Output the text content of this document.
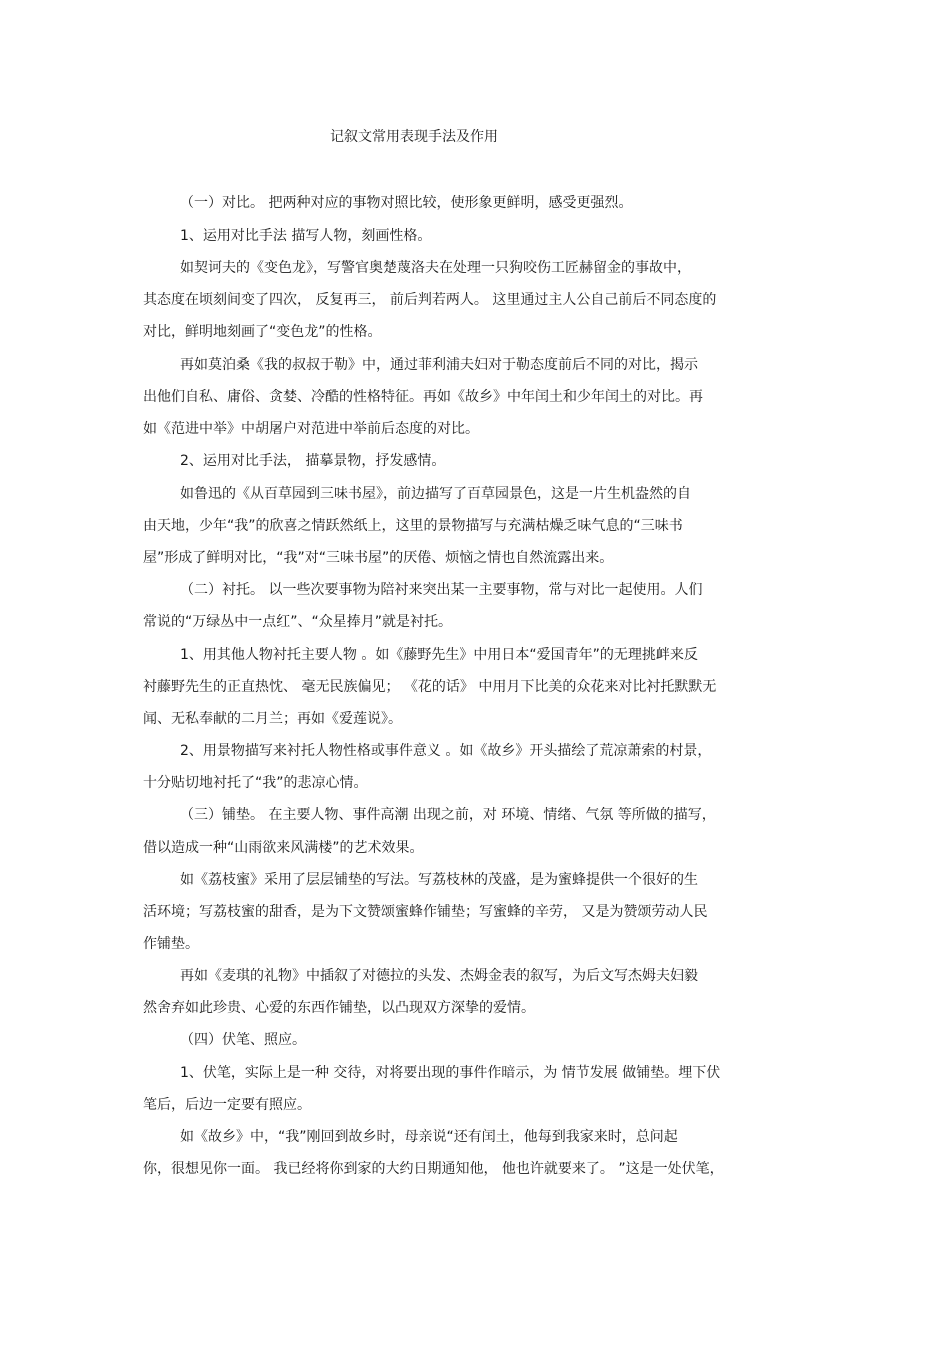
记叙文常用表现手法及作用
（一）对比。 把两种对应的事物对照比较，使形象更鲜明，感受更强烈。
1、运用对比手法 描写人物，刻画性格。
如契诃夫的《变色龙》，写警官奥楚蔑洛夫在处理一只狗咬伤工匠赫留金的事故中，
其态度在顷刻间变了四次， 反复再三， 前后判若两人。 这里通过主人公自己前后不同态度的
对比，鲜明地刻画了“变色龙”的性格。
再如莫泊桑《我的叔叔于勒》中，通过菲利浦夫妇对于勒态度前后不同的对比，揭示
出他们自私、庸俗、贪婪、冷酷的性格特征。再如《故乡》中年闰土和少年闰土的对比。再
如《范进中举》中胡屠户对范进中举前后态度的对比。
2、运用对比手法， 描摹景物，抒发感情。
如鲁迅的《从百草园到三味书屋》，前边描写了百草园景色，这是一片生机盎然的自
由天地，少年“我”的欣喜之情跃然纸上，这里的景物描写与充满枯燥乏味气息的“三味书
屋”形成了鲜明对比，“我”对“三味书屋”的厌倦、烦恼之情也自然流露出来。
（二）衬托。 以一些次要事物为陪衬来突出某一主要事物，常与对比一起使用。人们
常说的“万绿丛中一点红”、“众星捧月”就是衬托。
1、用其他人物衬托主要人物 。如《藤野先生》中用日本“爱国青年”的无理挑衅来反
衬藤野先生的正直热忱、 毫无民族偏见； 《花的话》 中用月下比美的众花来对比衬托默默无
闻、无私奉献的二月兰；再如《爱莲说》。
2、用景物描写来衬托人物性格或事件意义 。如《故乡》开头描绘了荒凉萧索的村景，
十分贴切地衬托了“我”的悲凉心情。
（三）铺垫。 在主要人物、事件高潮 出现之前，对 环境、情绪、气氛 等所做的描写，
借以造成一种“山雨欲来风满楼”的艺术效果。
如《荔枝蜜》采用了层层铺垫的写法。写荔枝林的茂盛，是为蜜蜂提供一个很好的生
活环境；写荔枝蜜的甜香，是为下文赞颂蜜蜂作铺垫；写蜜蜂的辛劳， 又是为赞颂劳动人民
作铺垫。
再如《麦琪的礼物》中插叙了对德拉的头发、杰姆金表的叙写，为后文写杰姆夫妇毅
然舍弃如此珍贵、心爱的东西作铺垫，以凸现双方深挚的爱情。
（四）伏笔、照应。
1、伏笔，实际上是一种 交待，对将要出现的事件作暗示，为 情节发展 做铺垫。埋下伏
笔后，后边一定要有照应。
如《故乡》中，“我”刚回到故乡时，母亲说“还有闰土，他每到我家来时，总问起
你，很想见你一面。 我已经将你到家的大约日期通知他， 他也许就要来了。 ”这是一处伏笔，
